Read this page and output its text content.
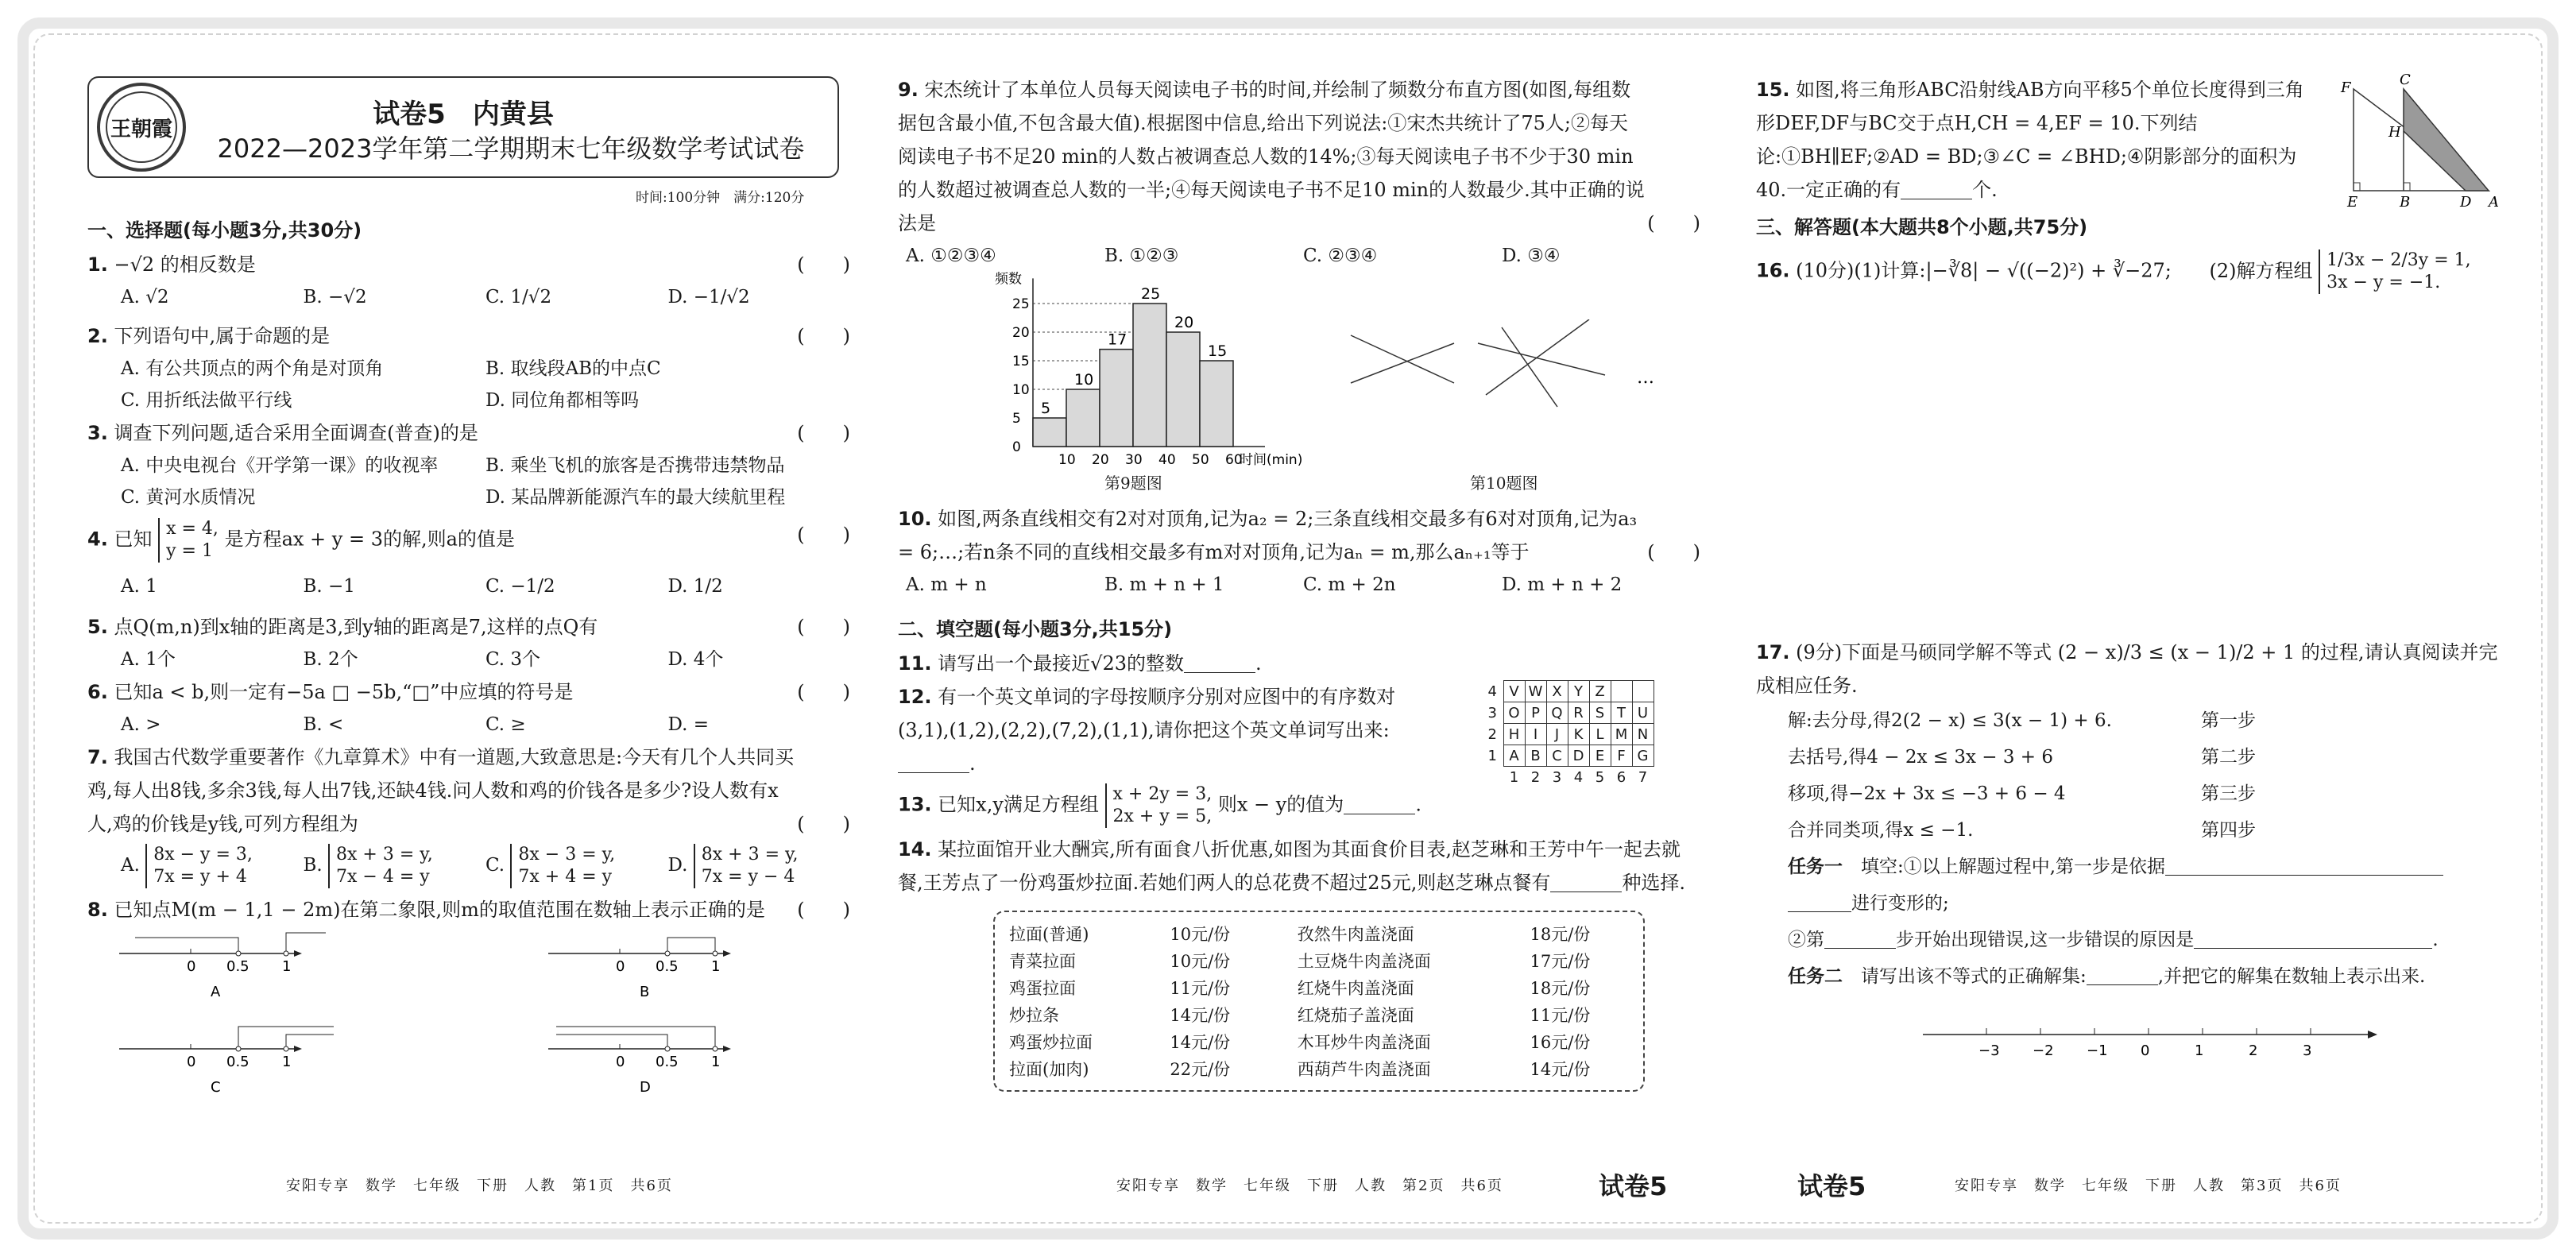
王朝霞	试卷5　内黄县
2022—2023学年第二学期期末七年级数学考试试卷
时间:100分钟　满分:120分
一、选择题(每小题3分,共30分)
1. −√2 的相反数是	(　　)
A. √2	B. −√2	C. 1/√2	D. −1/√2
2. 下列语句中,属于命题的是	(　　)
A. 有公共顶点的两个角是对顶角	B. 取线段AB的中点C
C. 用折纸法做平行线	D. 同位角都相等吗
3. 调查下列问题,适合采用全面调查(普查)的是	(　　)
A. 中央电视台《开学第一课》的收视率	B. 乘坐飞机的旅客是否携带违禁物品
C. 黄河水质情况	D. 某品牌新能源汽车的最大续航里程
4. 已知 x = 4,
y = 1 是方程ax + y = 3的解,则a的值是	(　　)
A. 1	B. −1	C. −1/2	D. 1/2
5. 点Q(m,n)到x轴的距离是3,到y轴的距离是7,这样的点Q有	(　　)
A. 1个	B. 2个	C. 3个	D. 4个
6. 已知a < b,则一定有−5a □ −5b,“□”中应填的符号是	(　　)
A. >	B. <	C. ≥	D. =
7. 我国古代数学重要著作《九章算术》中有一道题,大致意思是:今天有几个人共同买鸡,每人出8钱,多余3钱,每人出7钱,还缺4钱.问人数和鸡的价钱各是多少?设人数有x人,鸡的价钱是y钱,可列方程组为	(　　)
A. 8x − y = 3,
7x = y + 4
B. 8x + 3 = y,
7x − 4 = y
C. 8x − 3 = y,
7x + 4 = y
D. 8x + 3 = y,
7x = y − 4
8. 已知点M(m − 1,1 − 2m)在第二象限,则m的取值范围在数轴上表示正确的是 (　　)
0 0.5 1
A
0 0.5 1
B
0 0.5 1
C
0 0.5 1
D
9. 宋杰统计了本单位人员每天阅读电子书的时间,并绘制了频数分布直方图(如图,每组数据包含最小值,不包含最大值).根据图中信息,给出下列说法:①宋杰共统计了75人;②每天阅读电子书不足20 min的人数占被调查总人数的14%;③每天阅读电子书不少于30 min的人数超过被调查总人数的一半;④每天阅读电子书不足10 min的人数最少.其中正确的说法是	(　　)
A. ①②③④	B. ①②③	C. ②③④	D. ③④
频数
时间(min)
0
5
10
15
20
25
5
10
17
25
20
15
10 20 30 40 50 60
第9题图
…
第10题图
10. 如图,两条直线相交有2对对顶角,记为a₂ = 2;三条直线相交最多有6对对顶角,记为a₃ = 6;…;若n条不同的直线相交最多有m对对顶角,记为aₙ = m,那么aₙ₊₁等于	(　　)
A. m + n	B. m + n + 1	C. m + 2n	D. m + n + 2
二、填空题(每小题3分,共15分)
11. 请写出一个最接近√23的整数	.
12. 有一个英文单词的字母按顺序分别对应图中的有序数对(3,1),(1,2),(2,2),(7,2),(1,1),请你把这个英文单词写出来:.
4	V	W	X	Y	Z		
3	O	P	Q	R	S	T	U
2	H	I	J	K	L	M	N
1	A	B	C	D	E	F	G
	1	2	3	4	5	6	7
13. 已知x,y满足方程组 x + 2y = 3,
2x + y = 5, 则x − y的值为	.
14. 某拉面馆开业大酬宾,所有面食八折优惠,如图为其面食价目表,赵芝琳和王芳中午一起去就餐,王芳点了一份鸡蛋炒拉面.若她们两人的总花费不超过25元,则赵芝琳点餐有	种选择.
拉面(普通)	10元/份	孜然牛肉盖浇面	18元/份
青菜拉面	10元/份	土豆烧牛肉盖浇面	17元/份
鸡蛋拉面	11元/份	红烧牛肉盖浇面	18元/份
炒拉条	14元/份	红烧茄子盖浇面	11元/份
鸡蛋炒拉面	14元/份	木耳炒牛肉盖浇面	16元/份
拉面(加肉)	22元/份	西葫芦牛肉盖浇面	14元/份
15. 如图,将三角形ABC沿射线AB方向平移5个单位长度得到三角形DEF,DF与BC交于点H,CH = 4,EF = 10.下列结论:①BH∥EF;②AD = BD;③∠C = ∠BHD;④阴影部分的面积为40.一定正确的有	个.
F	C
H
E	B	D A
三、解答题(本大题共8个小题,共75分)
16. (10分)(1)计算:|−∛8| − √((−2)²) + ∛−27; (2)解方程组 1/3x − 2/3y = 1,
3x − y = −1.
17. (9分)下面是马硕同学解不等式 (2 − x)/3 ≤ (x − 1)/2 + 1 的过程,请认真阅读并完成相应任务.
解:去分母,得2(2 − x) ≤ 3(x − 1) + 6.	第一步
去括号,得4 − 2x ≤ 3x − 3 + 6	第二步
移项,得−2x + 3x ≤ −3 + 6 − 4	第三步
合并同类项,得x ≤ −1.	第四步
任务一　 填空:①以上解题过程中,第一步是依据
进行变形的;
②第	步开始出现错误,这一步错误的原因是	.
任务二　 请写出该不等式的正确解集:	,并把它的解集在数轴上表示出来.
−3 −2 −1 0	1	2	3
安阳专享　数学　七年级　下册　人教　第1页　共6页	安阳专享　数学　七年级　下册　人教　第2页　共6页	试卷5	试卷5	安阳专享　数学　七年级　下册　人教　第3页　共6页
